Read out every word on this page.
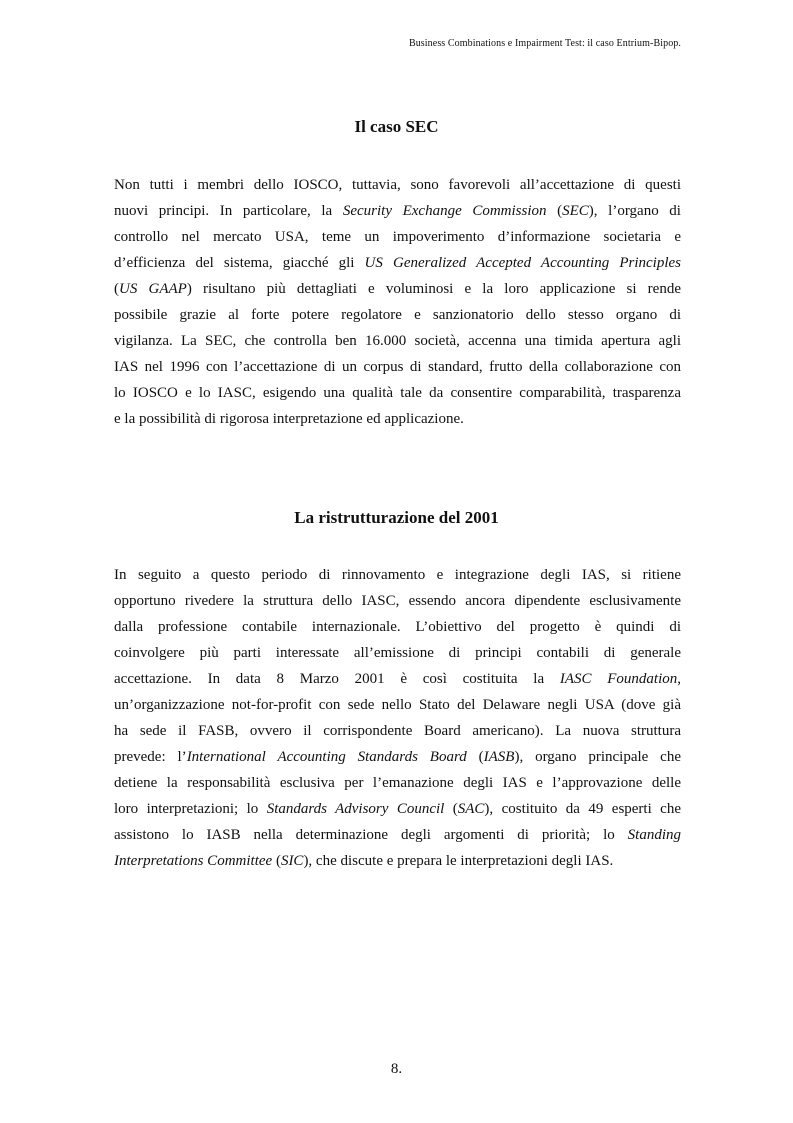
Business Combinations e Impairment Test: il caso Entrium-Bipop.
Il caso SEC

Non tutti i membri dello IOSCO, tuttavia, sono favorevoli all’accettazione di questi
nuovi principi. In particolare, la Security Exchange Commission (SEC), l’organo di
controllo nel mercato USA, teme un impoverimento d’informazione societaria e
d’efficienza del sistema, giacché gli US Generalized Accepted Accounting Principles
(US GAAP) risultano più dettagliati e voluminosi e la loro applicazione si rende
possibile grazie al forte potere regolatore e sanzionatorio dello stesso organo di
vigilanza. La SEC, che controlla ben 16.000 società, accenna una timida apertura agli
IAS nel 1996 con l’accettazione di un corpus di standard, frutto della collaborazione con
lo IOSCO e lo IASC, esigendo una qualità tale da consentire comparabilità, trasparenza
e la possibilità di rigorosa interpretazione ed applicazione.

La ristrutturazione del 2001

In seguito a questo periodo di rinnovamento e integrazione degli IAS, si ritiene
opportuno rivedere la struttura dello IASC, essendo ancora dipendente esclusivamente
dalla professione contabile internazionale. L’obiettivo del progetto è quindi di
coinvolgere più parti interessate all’emissione di principi contabili di generale
accettazione. In data 8 Marzo 2001 è così costituita la IASC Foundation,
un’organizzazione not-for-profit con sede nello Stato del Delaware negli USA (dove già
ha sede il FASB, ovvero il corrispondente Board americano). La nuova struttura
prevede: l’International Accounting Standards Board (IASB), organo principale che
detiene la responsabilità esclusiva per l’emanazione degli IAS e l’approvazione delle
loro interpretazioni; lo Standards Advisory Council (SAC), costituito da 49 esperti che
assistono lo IASB nella determinazione degli argomenti di priorità; lo Standing
Interpretations Committee (SIC), che discute e prepara le interpretazioni degli IAS.

8.
